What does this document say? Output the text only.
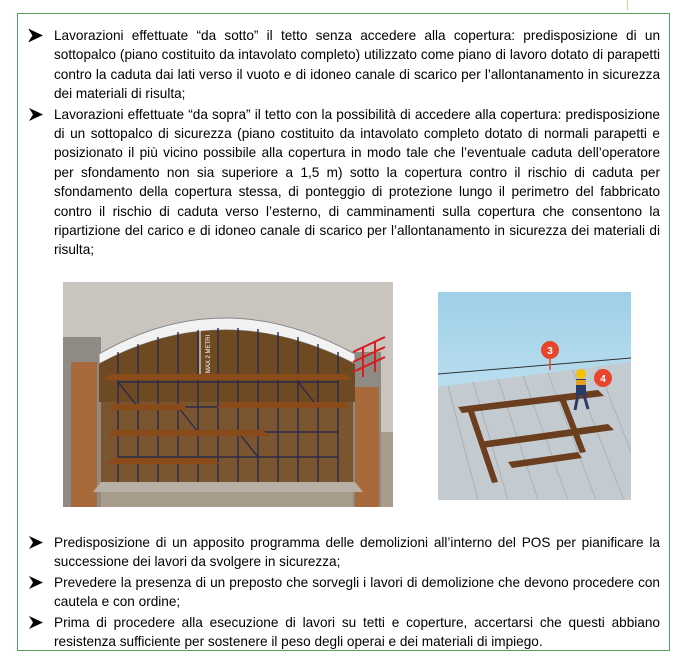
Lavorazioni effettuate “da sotto” il tetto senza accedere alla copertura: predisposizione di un sottopalco (piano costituito da intavolato completo) utilizzato come piano di lavoro dotato di parapetti contro la caduta dai lati verso il vuoto e di idoneo canale di scarico per l’allontanamento in sicurezza dei materiali di risulta;
Lavorazioni effettuate “da sopra” il tetto con la possibilità di accedere alla copertura: predisposizione di un sottopalco di sicurezza (piano costituito da intavolato completo dotato di normali parapetti e posizionato il più vicino possibile alla copertura in modo tale che l’eventuale caduta dell’operatore per sfondamento non sia superiore a 1,5 m) sotto la copertura contro il rischio di caduta per sfondamento della copertura stessa, di ponteggio di protezione lungo il perimetro del fabbricato contro il rischio di caduta verso l’esterno, di camminamenti sulla copertura che consentono la ripartizione del carico e di idoneo canale di scarico per l’allontanamento in sicurezza dei materiali di risulta;
MAX 2 METRI	3
4
Predisposizione di un apposito programma delle demolizioni all’interno del POS per pianificare la successione dei lavori da svolgere in sicurezza;
Prevedere la presenza di un preposto che sorvegli i lavori di demolizione che devono procedere con cautela e con ordine;
Prima di procedere alla esecuzione di lavori su tetti e coperture, accertarsi che questi abbiano resistenza sufficiente per sostenere il peso degli operai e dei materiali di impiego.
